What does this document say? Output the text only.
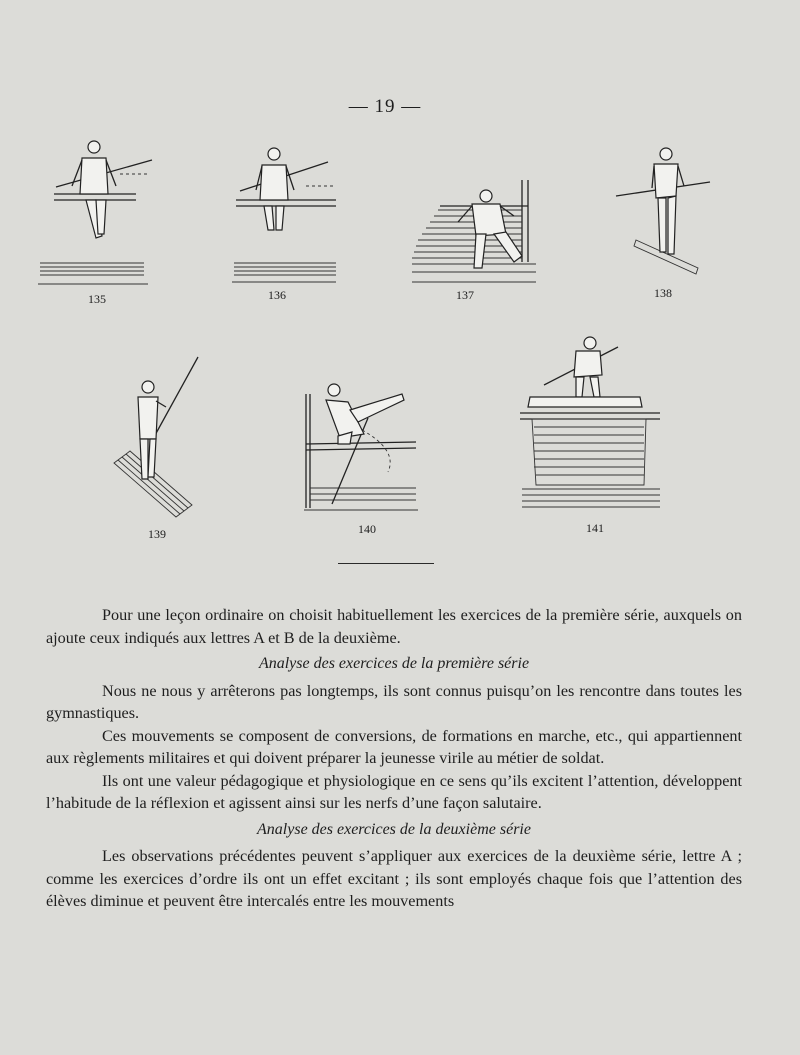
— 19 —
135	136	137	138
139	140	141

Pour une leçon ordinaire on choisit habituellement les exercices de la première série, auxquels on ajoute ceux indiqués aux lettres A et B de la deuxième.

Analyse des exercices de la première série

Nous ne nous y arrêterons pas longtemps, ils sont connus puisqu’on les rencontre dans toutes les gymnastiques.

Ces mouvements se composent de conversions, de formations en marche, etc., qui appartiennent aux règlements militaires et qui doivent préparer la jeunesse virile au métier de soldat.

Ils ont une valeur pédagogique et physiologique en ce sens qu’ils excitent l’attention, développent l’habitude de la réflexion et agissent ainsi sur les nerfs d’une façon salutaire.

Analyse des exercices de la deuxième série

Les observations précédentes peuvent s’appliquer aux exercices de la deuxième série, lettre A ; comme les exercices d’ordre ils ont un effet excitant ; ils sont employés chaque fois que l’attention des élèves diminue et peuvent être intercalés entre les mouvements
